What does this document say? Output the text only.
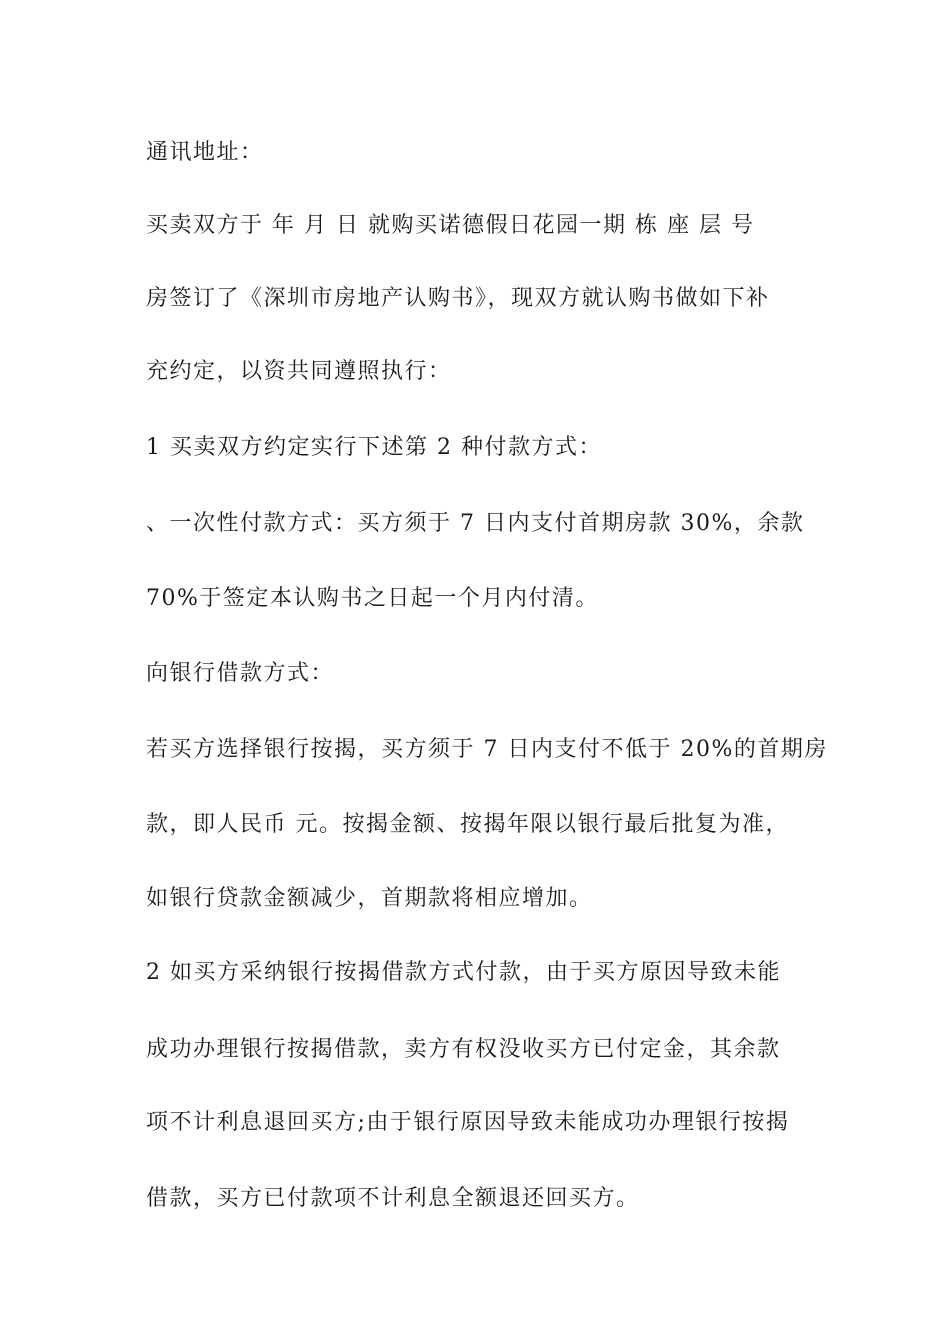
通讯地址：
买卖双方于 年 月 日 就购买诺德假日花园一期 栋 座 层 号
房签订了《深圳市房地产认购书》，现双方就认购书做如下补
充约定，以资共同遵照执行：
1 买卖双方约定实行下述第 2 种付款方式：
、一次性付款方式：买方须于 7 日内支付首期房款 30%，余款
70%于签定本认购书之日起一个月内付清。
向银行借款方式：
若买方选择银行按揭，买方须于 7 日内支付不低于 20%的首期房
款，即人民币 元。按揭金额、按揭年限以银行最后批复为准，
如银行贷款金额减少，首期款将相应增加。
2 如买方采纳银行按揭借款方式付款，由于买方原因导致未能
成功办理银行按揭借款，卖方有权没收买方已付定金，其余款
项不计利息退回买方;由于银行原因导致未能成功办理银行按揭
借款，买方已付款项不计利息全额退还回买方。
